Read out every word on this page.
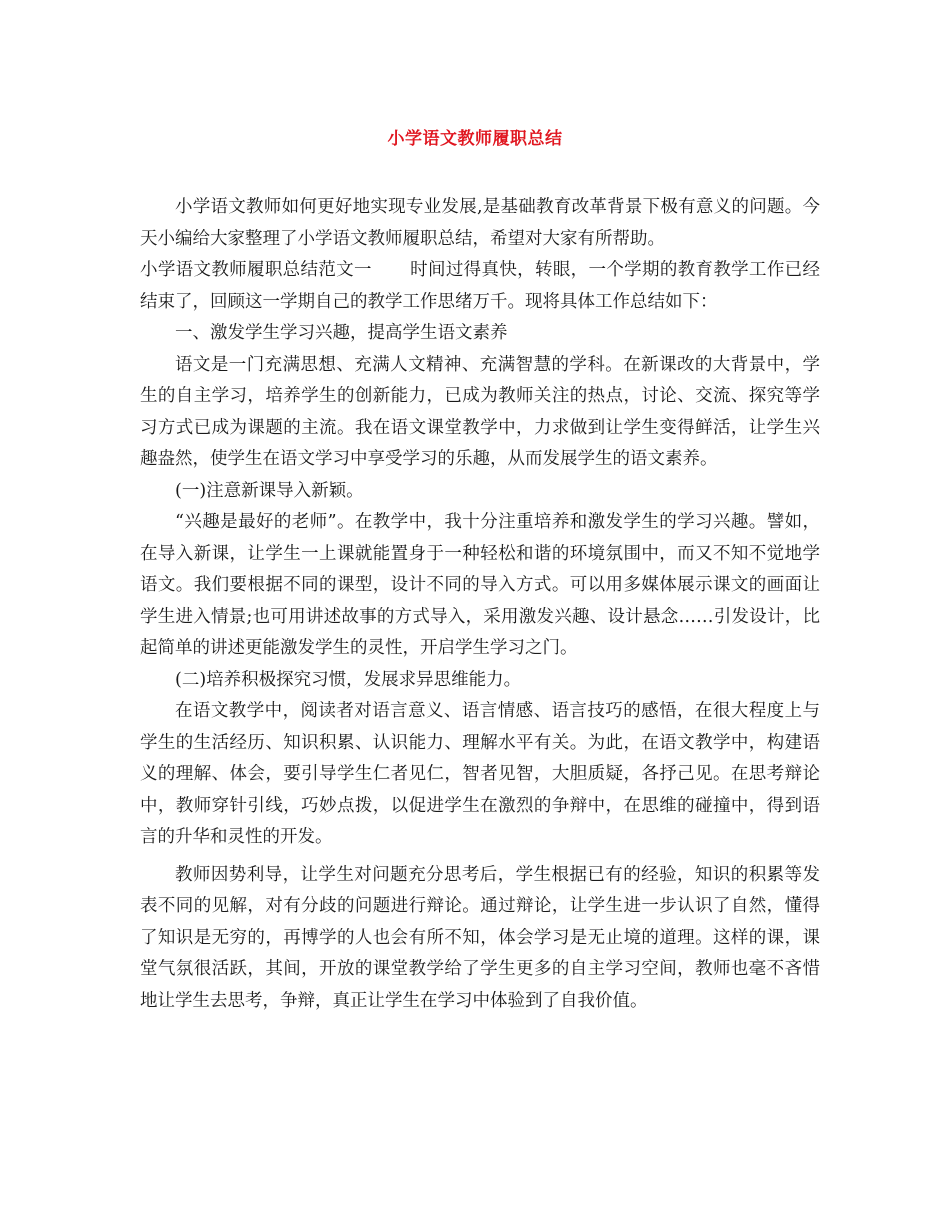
小学语文教师履职总结

小学语文教师如何更好地实现专业发展,是基础教育改革背景下极有意义的问题。今天小编给大家整理了小学语文教师履职总结，希望对大家有所帮助。

小学语文教师履职总结范文一 时间过得真快，转眼，一个学期的教育教学工作已经结束了，回顾这一学期自己的教学工作思绪万千。现将具体工作总结如下：

一、激发学生学习兴趣，提高学生语文素养

语文是一门充满思想、充满人文精神、充满智慧的学科。在新课改的大背景中，学生的自主学习，培养学生的创新能力，已成为教师关注的热点，讨论、交流、探究等学习方式已成为课题的主流。我在语文课堂教学中，力求做到让学生变得鲜活，让学生兴趣盎然，使学生在语文学习中享受学习的乐趣，从而发展学生的语文素养。

(一)注意新课导入新颖。

“兴趣是最好的老师”。在教学中，我十分注重培养和激发学生的学习兴趣。譬如，在导入新课，让学生一上课就能置身于一种轻松和谐的环境氛围中，而又不知不觉地学语文。我们要根据不同的课型，设计不同的导入方式。可以用多媒体展示课文的画面让学生进入情景;也可用讲述故事的方式导入，采用激发兴趣、设计悬念……引发设计，比起简单的讲述更能激发学生的灵性，开启学生学习之门。

(二)培养积极探究习惯，发展求异思维能力。

在语文教学中，阅读者对语言意义、语言情感、语言技巧的感悟，在很大程度上与学生的生活经历、知识积累、认识能力、理解水平有关。为此，在语文教学中，构建语义的理解、体会，要引导学生仁者见仁，智者见智，大胆质疑，各抒己见。在思考辩论中，教师穿针引线，巧妙点拨，以促进学生在激烈的争辩中，在思维的碰撞中，得到语言的升华和灵性的开发。

教师因势利导，让学生对问题充分思考后，学生根据已有的经验，知识的积累等发表不同的见解，对有分歧的问题进行辩论。通过辩论，让学生进一步认识了自然，懂得了知识是无穷的，再博学的人也会有所不知，体会学习是无止境的道理。这样的课，课堂气氛很活跃，其间，开放的课堂教学给了学生更多的自主学习空间，教师也毫不吝惜地让学生去思考，争辩，真正让学生在学习中体验到了自我价值。
